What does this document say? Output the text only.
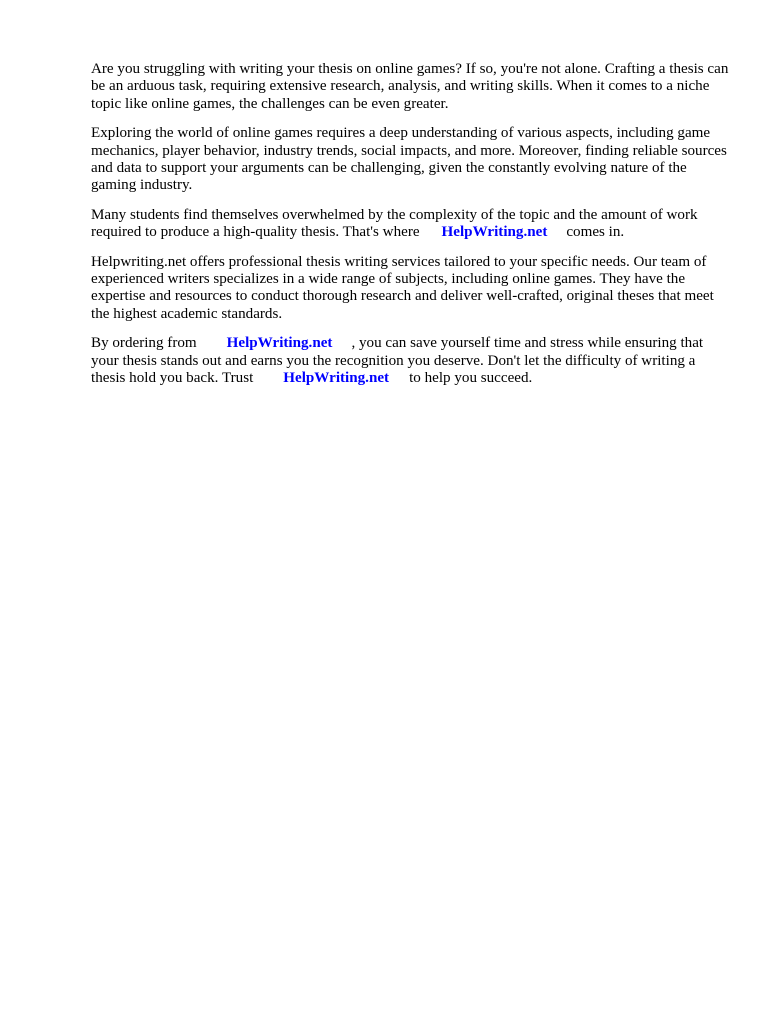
Are you struggling with writing your thesis on online games? If so, you're not alone. Crafting a thesis can be an arduous task, requiring extensive research, analysis, and writing skills. When it comes to a niche topic like online games, the challenges can be even greater.

Exploring the world of online games requires a deep understanding of various aspects, including game mechanics, player behavior, industry trends, social impacts, and more. Moreover, finding reliable sources and data to support your arguments can be challenging, given the constantly evolving nature of the gaming industry.

Many students find themselves overwhelmed by the complexity of the topic and the amount of work required to produce a high-quality thesis. That's where HelpWriting.net comes in.

Helpwriting.net offers professional thesis writing services tailored to your specific needs. Our team of experienced writers specializes in a wide range of subjects, including online games. They have the expertise and resources to conduct thorough research and deliver well-crafted, original theses that meet the highest academic standards.

By ordering from HelpWriting.net , you can save yourself time and stress while ensuring that your thesis stands out and earns you the recognition you deserve. Don't let the difficulty of writing a thesis hold you back. Trust HelpWriting.net to help you succeed.
